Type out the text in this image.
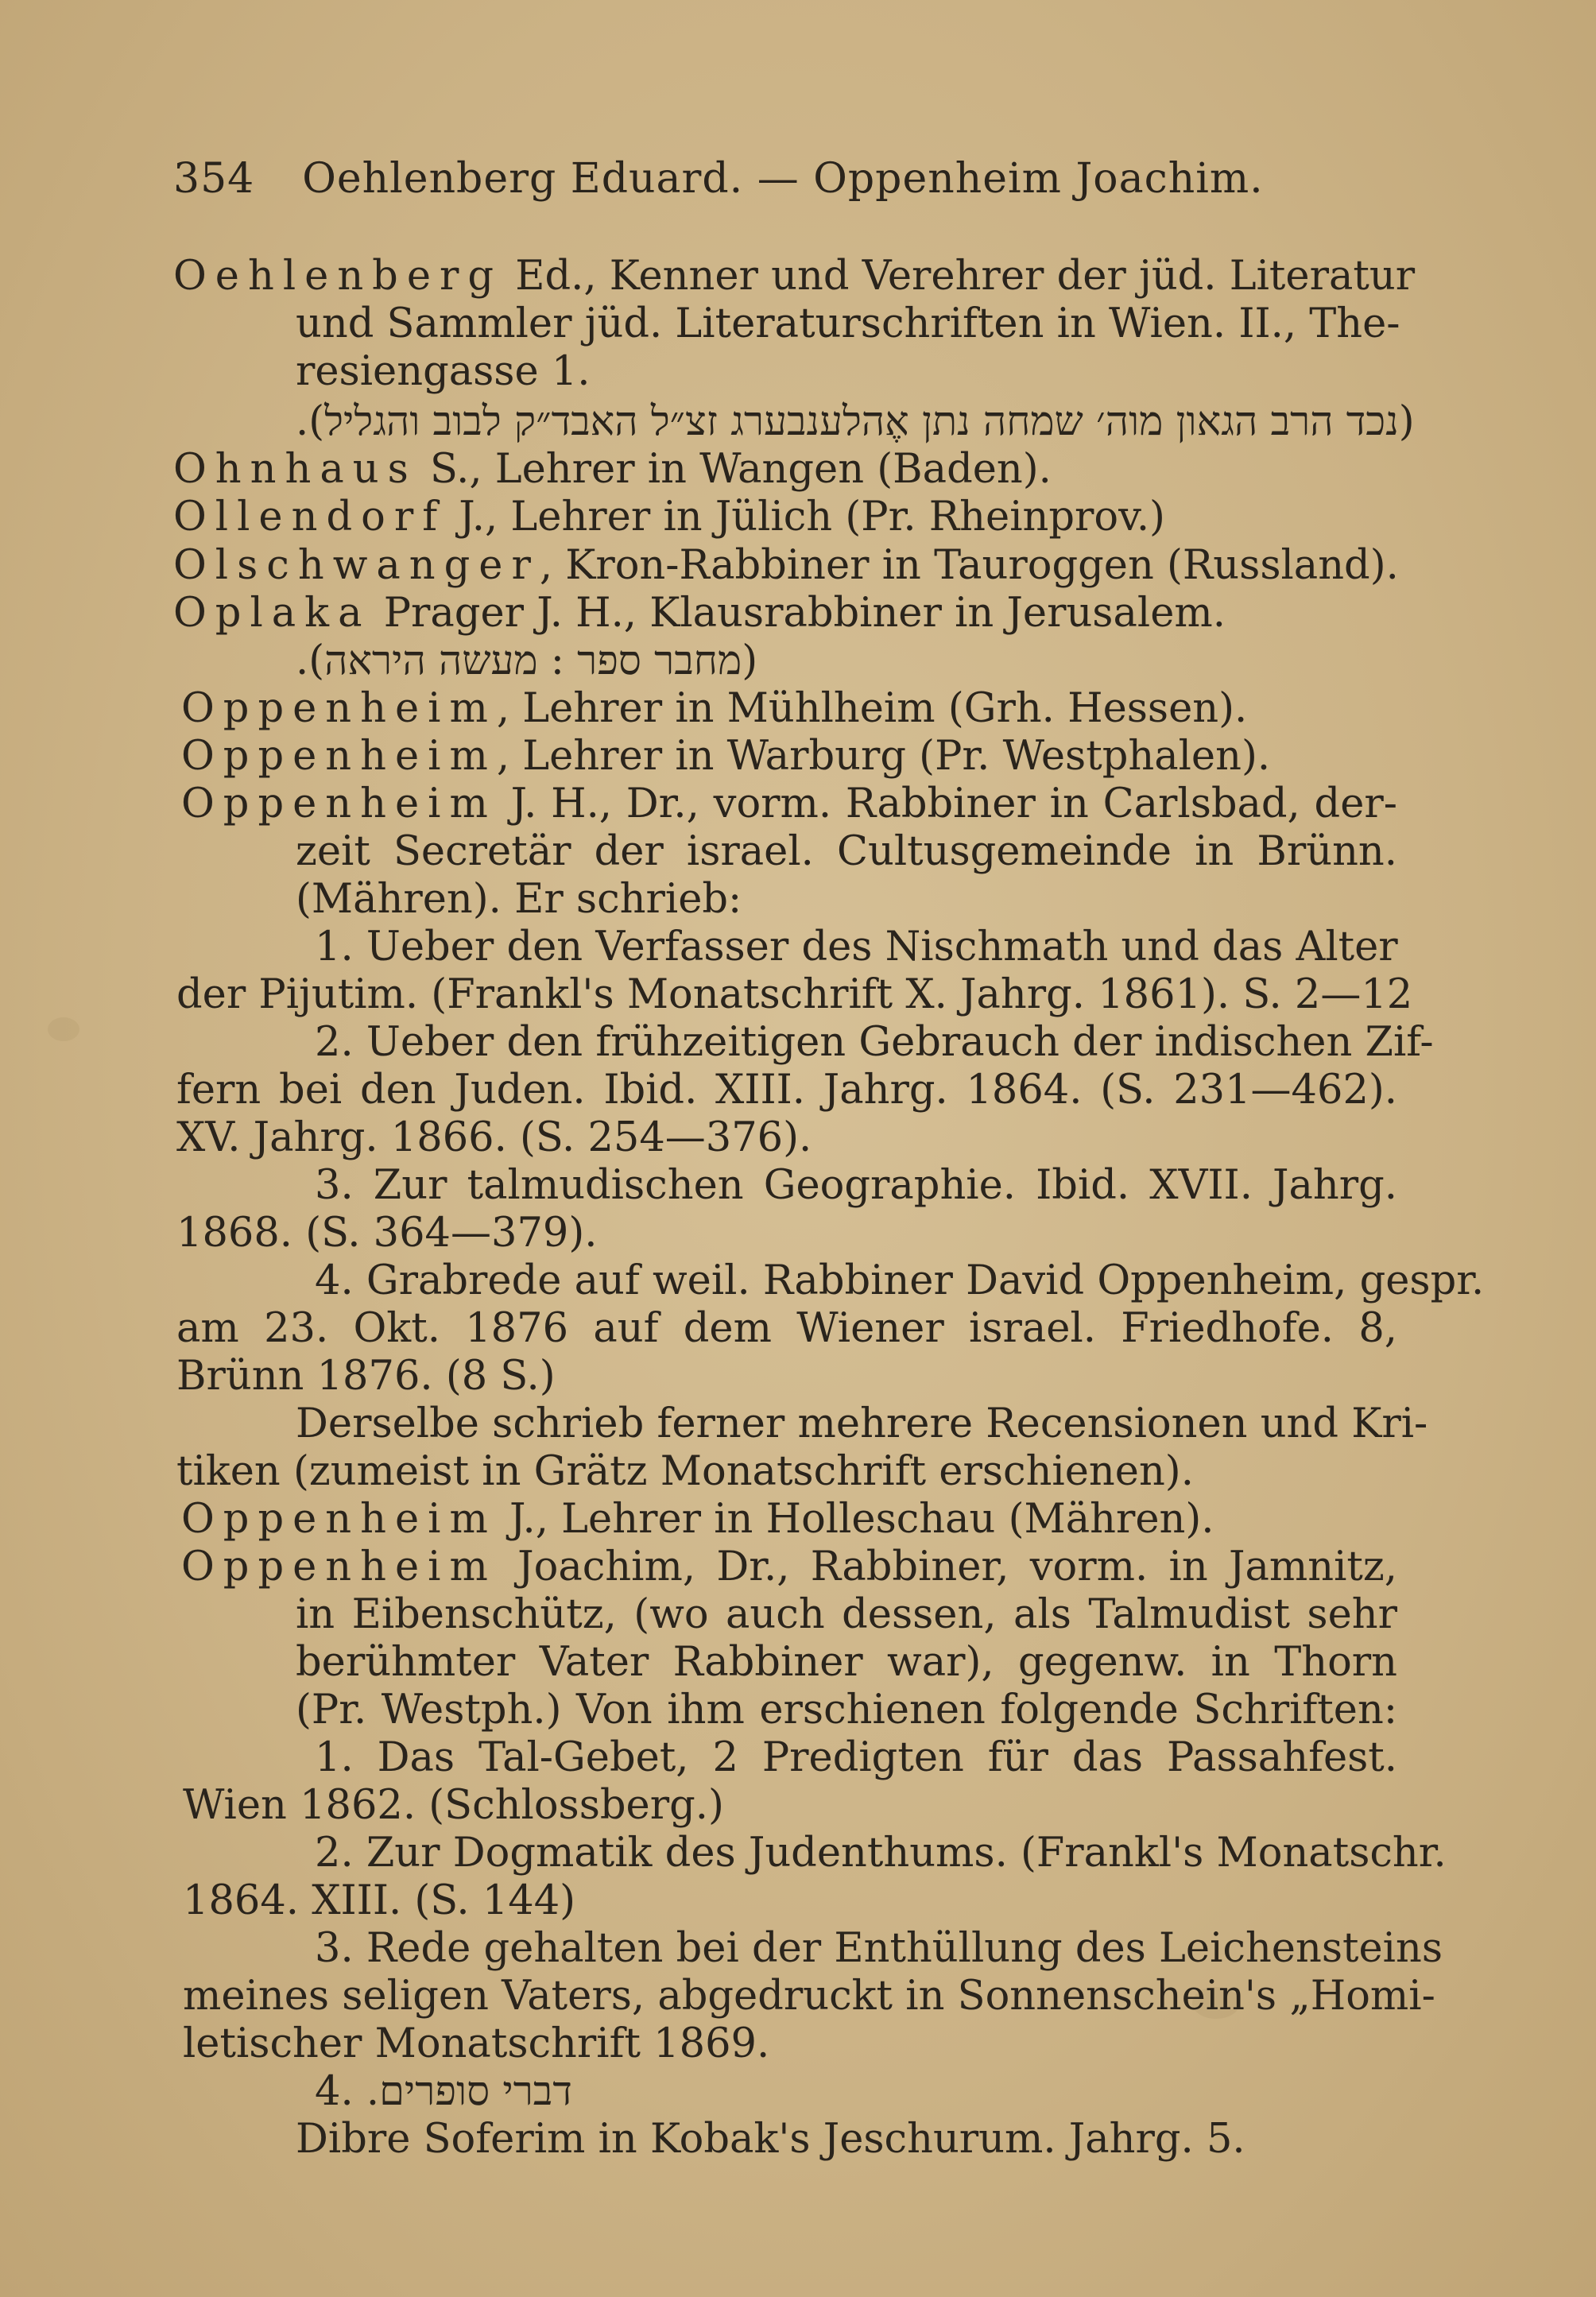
354 Oehlenberg Eduard. — Oppenheim Joachim.
Oehlenberg Ed., Kenner und Verehrer der jüd. Literatur
und Sammler jüd. Literaturschriften in Wien. II., The-
resiengasse 1.
(נכד הרב הגאון מוה׳ שמחה נתן אֶהלענבערג זצ״ל האבד״ק לבוב והגליל).
Ohnhaus S., Lehrer in Wangen (Baden).
Ollendorf J., Lehrer in Jülich (Pr. Rheinprov.)
Olschwanger, Kron-Rabbiner in Tauroggen (Russland).
Oplaka Prager J. H., Klausrabbiner in Jerusalem.
(מחבר ספר : מעשה היראה).
Oppenheim, Lehrer in Mühlheim (Grh. Hessen).
Oppenheim, Lehrer in Warburg (Pr. Westphalen).
Oppenheim J. H., Dr., vorm. Rabbiner in Carlsbad, der-
zeit Secretär der israel. Cultusgemeinde in Brünn.
(Mähren). Er schrieb:
1. Ueber den Verfasser des Nischmath und das Alter
der Pijutim. (Frankl's Monatschrift X. Jahrg. 1861). S. 2—12
2. Ueber den frühzeitigen Gebrauch der indischen Zif-
fern bei den Juden. Ibid. XIII. Jahrg. 1864. (S. 231—462).
XV. Jahrg. 1866. (S. 254—376).
3. Zur talmudischen Geographie. Ibid. XVII. Jahrg.
1868. (S. 364—379).
4. Grabrede auf weil. Rabbiner David Oppenheim, gespr.
am 23. Okt. 1876 auf dem Wiener israel. Friedhofe. 8,
Brünn 1876. (8 S.)
Derselbe schrieb ferner mehrere Recensionen und Kri-
tiken (zumeist in Grätz Monatschrift erschienen).
Oppenheim J., Lehrer in Holleschau (Mähren).
Oppenheim Joachim, Dr., Rabbiner, vorm. in Jamnitz,
in Eibenschütz, (wo auch dessen, als Talmudist sehr
berühmter Vater Rabbiner war), gegenw. in Thorn
(Pr. Westph.) Von ihm erschienen folgende Schriften:
1. Das Tal-Gebet, 2 Predigten für das Passahfest.
Wien 1862. (Schlossberg.)
2. Zur Dogmatik des Judenthums. (Frankl's Monatschr.
1864. XIII. (S. 144)
3. Rede gehalten bei der Enthüllung des Leichensteins
meines seligen Vaters, abgedruckt in Sonnenschein's „Homi-
letischer Monatschrift 1869.
4. דברי סופרים.
Dibre Soferim in Kobak's Jeschurum. Jahrg. 5.
